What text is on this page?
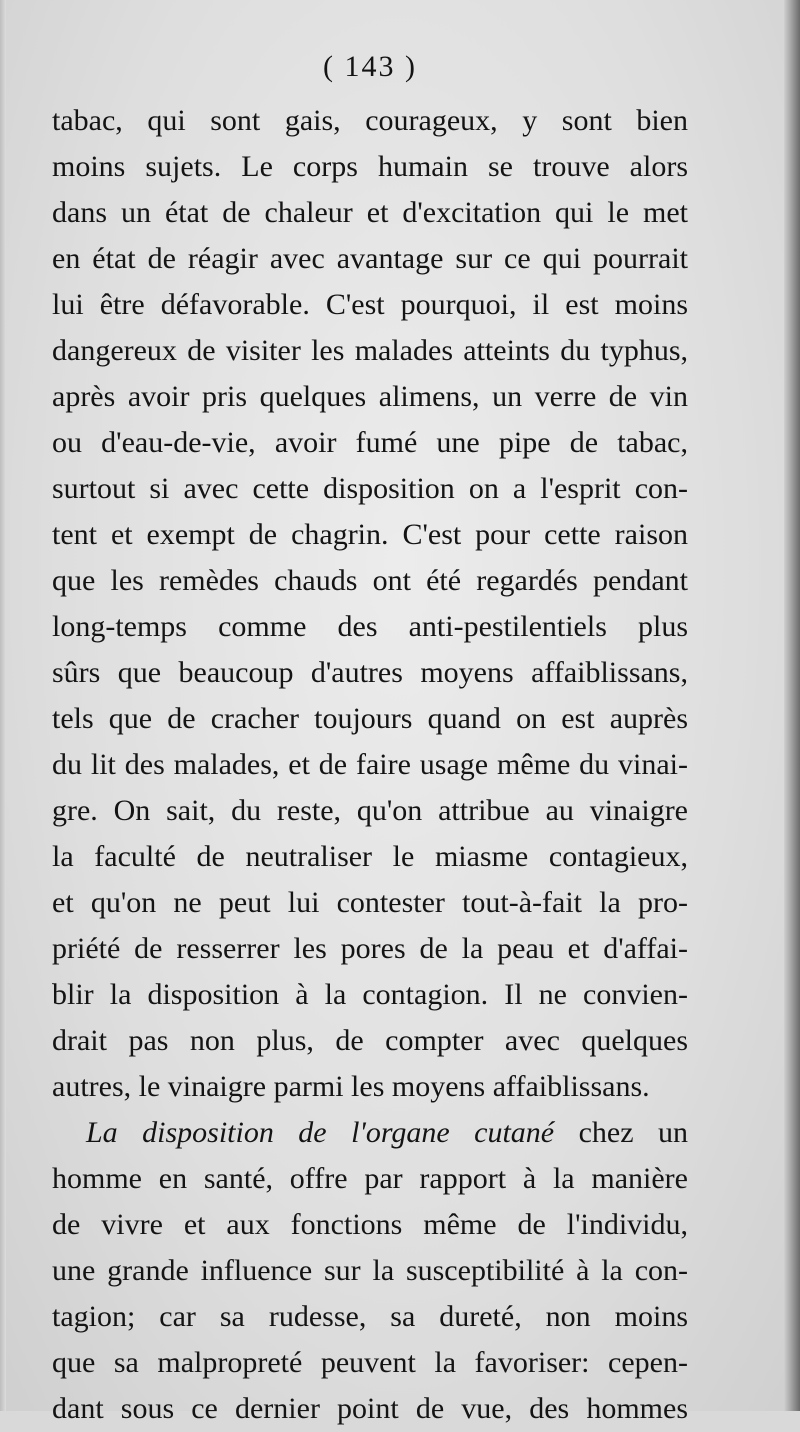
( 143 )
tabac, qui sont gais, courageux, y sont bien
moins sujets. Le corps humain se trouve alors
dans un état de chaleur et d'excitation qui le met
en état de réagir avec avantage sur ce qui pourrait
lui être défavorable. C'est pourquoi, il est moins
dangereux de visiter les malades atteints du typhus,
après avoir pris quelques alimens, un verre de vin
ou d'eau-de-vie, avoir fumé une pipe de tabac,
surtout si avec cette disposition on a l'esprit con-
tent et exempt de chagrin. C'est pour cette raison
que les remèdes chauds ont été regardés pendant
long-temps comme des anti-pestilentiels plus
sûrs que beaucoup d'autres moyens affaiblissans,
tels que de cracher toujours quand on est auprès
du lit des malades, et de faire usage même du vinai-
gre. On sait, du reste, qu'on attribue au vinaigre
la faculté de neutraliser le miasme contagieux,
et qu'on ne peut lui contester tout-à-fait la pro-
priété de resserrer les pores de la peau et d'affai-
blir la disposition à la contagion. Il ne convien-
drait pas non plus, de compter avec quelques
autres, le vinaigre parmi les moyens affaiblissans.
La disposition de l'organe cutané chez un
homme en santé, offre par rapport à la manière
de vivre et aux fonctions même de l'individu,
une grande influence sur la susceptibilité à la con-
tagion; car sa rudesse, sa dureté, non moins
que sa malpropreté peuvent la favoriser: cepen-
dant sous ce dernier point de vue, des hommes
